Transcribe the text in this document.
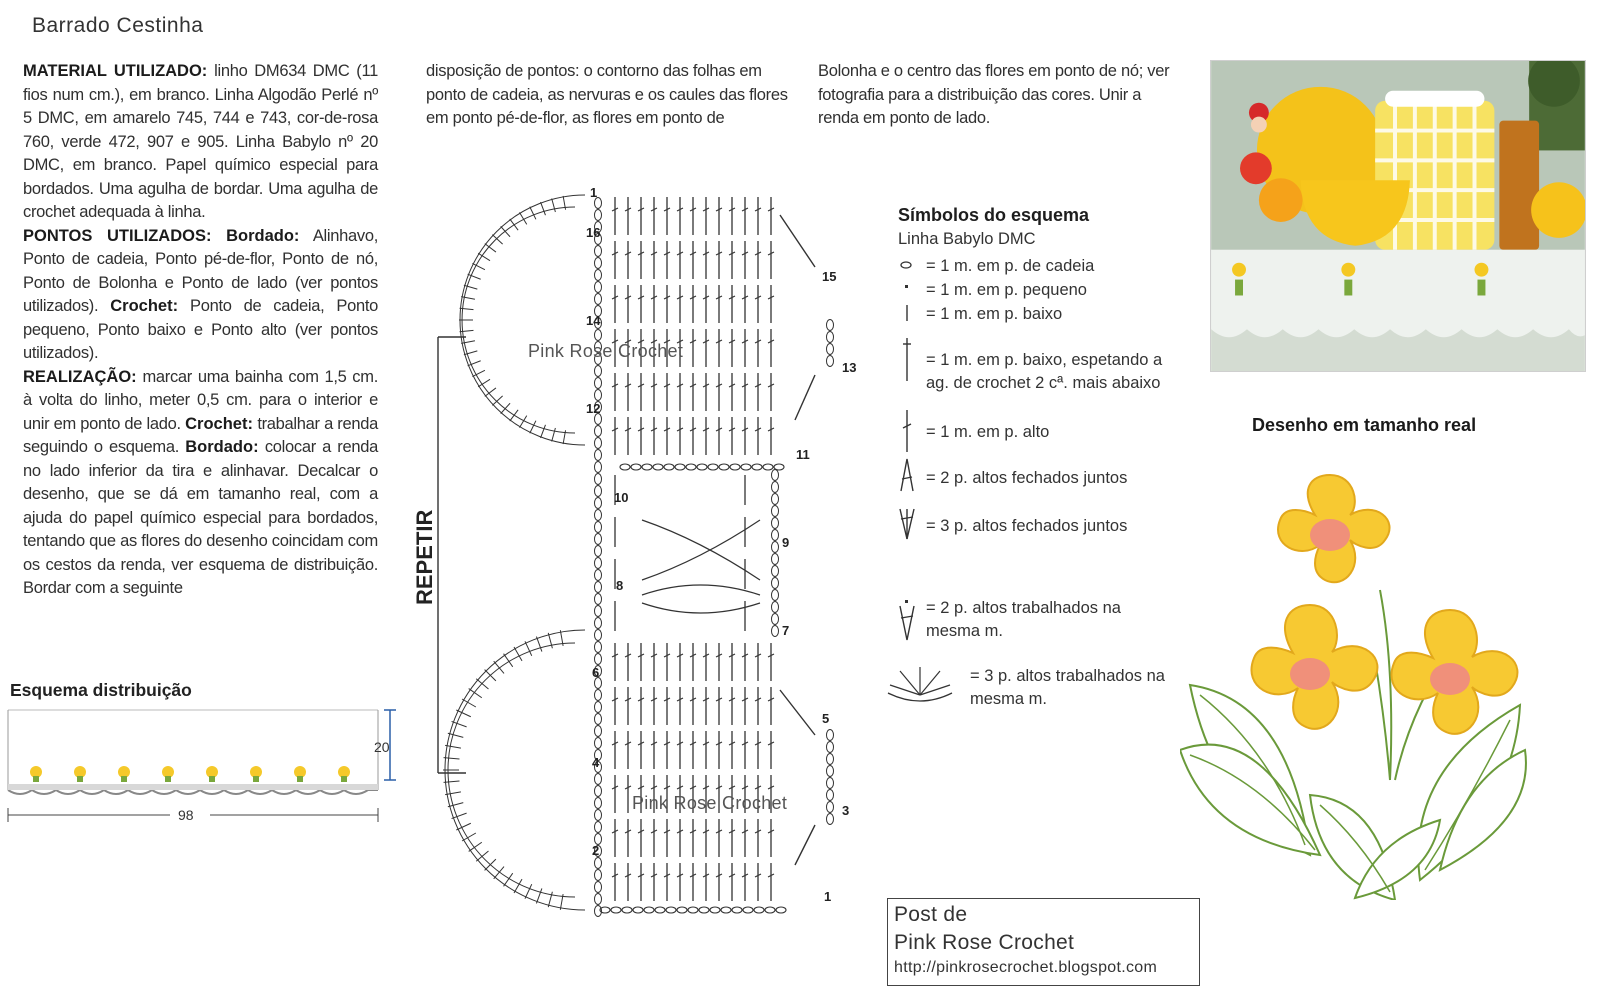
Barrado Cestinha
MATERIAL UTILIZADO: linho DM634 DMC (11 fios num cm.), em branco. Linha Algodão Perlé nº 5 DMC, em amarelo 745, 744 e 743, cor-de-rosa 760, verde 472, 907 e 905. Linha Babylo nº 20 DMC, em branco. Papel químico especial para bordados. Uma agulha de bordar. Uma agulha de crochet adequada à linha.
PONTOS UTILIZADOS: Bordado: Alinhavo, Ponto de cadeia, Ponto pé-de-flor, Ponto de nó, Ponto de Bolonha e Ponto de lado (ver pontos utilizados). Crochet: Ponto de cadeia, Ponto pequeno, Ponto baixo e Ponto alto (ver pontos utilizados).
REALIZAÇÃO: marcar uma bainha com 1,5 cm. à volta do linho, meter 0,5 cm. para o interior e unir em ponto de lado. Crochet: trabalhar a renda seguindo o esquema. Bordado: colocar a renda no lado inferior da tira e alinhavar. Decalcar o desenho, que se dá em tamanho real, com a ajuda do papel químico especial para bordados, tentando que as flores do desenho coincidam com os cestos da renda, ver esquema de distribuição. Bordar com a seguinte
disposição de pontos: o contorno das folhas em ponto de cadeia, as nervuras e os caules das flores em ponto pé-de-flor, as flores em ponto de
Bolonha e o centro das flores em ponto de nó; ver fotografia para a distribuição das cores. Unir a renda em ponto de lado.
Esquema distribuição
20
98
REPETIR
Pink Rose Crochet
Pink Rose Crochet
1
2
3
4
5
6
7
8
9
10
11
12
13
14
15
16
1
Símbolos do esquema
Linha Babylo DMC
= 1 m. em p. de cadeia
= 1 m. em p. pequeno
= 1 m. em p. baixo
= 1 m. em p. baixo, espetando a ag. de crochet 2 cª. mais abaixo
= 1 m. em p. alto
= 2 p. altos fechados juntos
= 3 p. altos fechados juntos
= 2 p. altos trabalhados na mesma m.
= 3 p. altos trabalhados na mesma m.
Desenho em tamanho real
Post de
Pink Rose Crochet
http://pinkrosecrochet.blogspot.com
